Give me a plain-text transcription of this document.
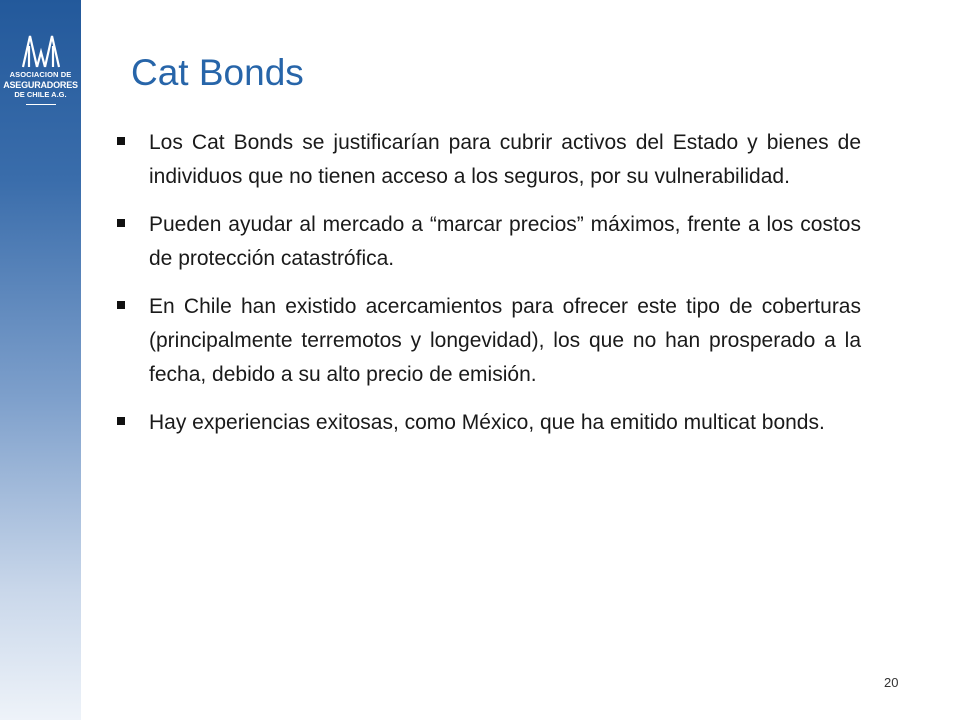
ASOCIACION DE
ASEGURADORES
DE CHILE A.G.
Cat Bonds
Los Cat Bonds se justificarían para cubrir activos del Estado y bienes de individuos que no tienen acceso a los seguros, por su vulnerabilidad.
Pueden ayudar al mercado a “marcar precios” máximos, frente a los costos de protección catastrófica.
En Chile han existido acercamientos para ofrecer este tipo de coberturas (principalmente terremotos y longevidad), los que no han prosperado a la fecha, debido a su alto precio de emisión.
Hay experiencias exitosas, como México, que ha emitido multicat bonds.
20
